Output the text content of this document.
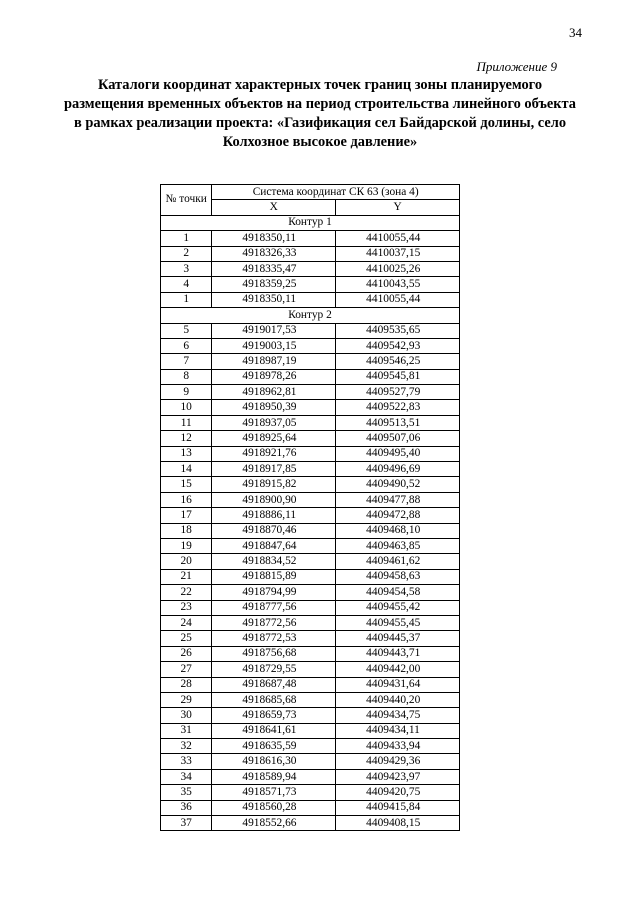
34
Приложение 9
Каталоги координат характерных точек границ зоны планируемого
размещения временных объектов на период строительства линейного объекта
в рамках реализации проекта: «Газификация сел Байдарской долины, село
Колхозное высокое давление»
№ точки	Система координат СК 63 (зона 4)	
	X	Y
Контур 1		
1	4918350,11	4410055,44
2	4918326,33	4410037,15
3	4918335,47	4410025,26
4	4918359,25	4410043,55
1	4918350,11	4410055,44
Контур 2		
5	4919017,53	4409535,65
6	4919003,15	4409542,93
7	4918987,19	4409546,25
8	4918978,26	4409545,81
9	4918962,81	4409527,79
10	4918950,39	4409522,83
11	4918937,05	4409513,51
12	4918925,64	4409507,06
13	4918921,76	4409495,40
14	4918917,85	4409496,69
15	4918915,82	4409490,52
16	4918900,90	4409477,88
17	4918886,11	4409472,88
18	4918870,46	4409468,10
19	4918847,64	4409463,85
20	4918834,52	4409461,62
21	4918815,89	4409458,63
22	4918794,99	4409454,58
23	4918777,56	4409455,42
24	4918772,56	4409455,45
25	4918772,53	4409445,37
26	4918756,68	4409443,71
27	4918729,55	4409442,00
28	4918687,48	4409431,64
29	4918685,68	4409440,20
30	4918659,73	4409434,75
31	4918641,61	4409434,11
32	4918635,59	4409433,94
33	4918616,30	4409429,36
34	4918589,94	4409423,97
35	4918571,73	4409420,75
36	4918560,28	4409415,84
37	4918552,66	4409408,15
